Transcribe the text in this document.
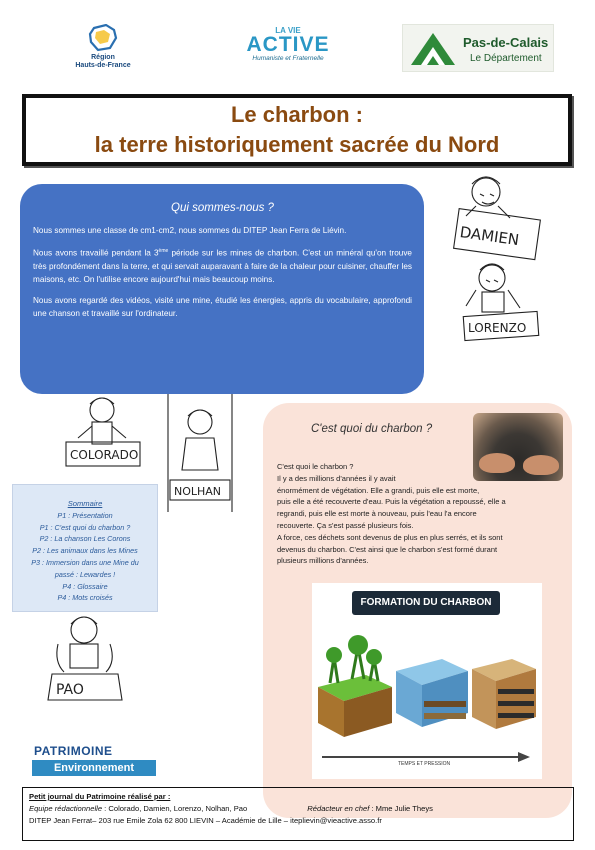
Région
Hauts-de-France
LA VIE
ACTIVE
Humaniste et Fraternelle
Pas-de-Calais
Le Département
Le charbon :
la terre historiquement sacrée du Nord
Qui sommes-nous ?

Nous sommes une classe de cm1-cm2, nous sommes du DITEP Jean Ferra de Liévin.

Nous avons travaillé pendant la 3ème période sur les mines de charbon. C'est un minéral qu'on trouve très profondément dans la terre, et qui servait auparavant à faire de la chaleur pour cuisiner, chauffer les maisons, etc. On l'utilise encore aujourd'hui mais beaucoup moins.

Nous avons regardé des vidéos, visité une mine, étudié les énergies, appris du vocabulaire, approfondi une chanson et travaillé sur l'ordinateur.

DAMIEN
LORENZO
COLORADO
NOLHAN
PAO
Sommaire
P1 : Présentation
P1 : C'est quoi du charbon ?
P2 : La chanson Les Corons
P2 : Les animaux dans les Mines
P3 : Immersion dans une Mine du
passé : Lewardes !
P4 : Glossaire
P4 : Mots croisés
C'est quoi du charbon ?
C'est quoi le charbon ?
Il y a des millions d'années il y avait
énormément de végétation. Elle a grandi, puis elle est morte,
puis elle a été recouverte d'eau. Puis la végétation a repoussé, elle a
regrandi, puis elle est morte à nouveau, puis l'eau l'a encore
recouverte. Ça s'est passé plusieurs fois.
A force, ces déchets sont devenus de plus en plus serrés, et ils sont
devenus du charbon. C'est ainsi que le charbon s'est formé durant
plusieurs millions d'années.
FORMATION DU CHARBON
TEMPS ET PRESSION
PATRIMOINE
Environnement
Petit journal du Patrimoine réalisé par :
Equipe rédactionnelle : Colorado, Damien, Lorenzo, Nolhan, Pao	Rédacteur en chef : Mme Julie Theys
DITEP Jean Ferrat– 203 rue Emile Zola 62 800 LIEVIN – Académie de Lille – itepliev​in@vieactive.asso.fr
